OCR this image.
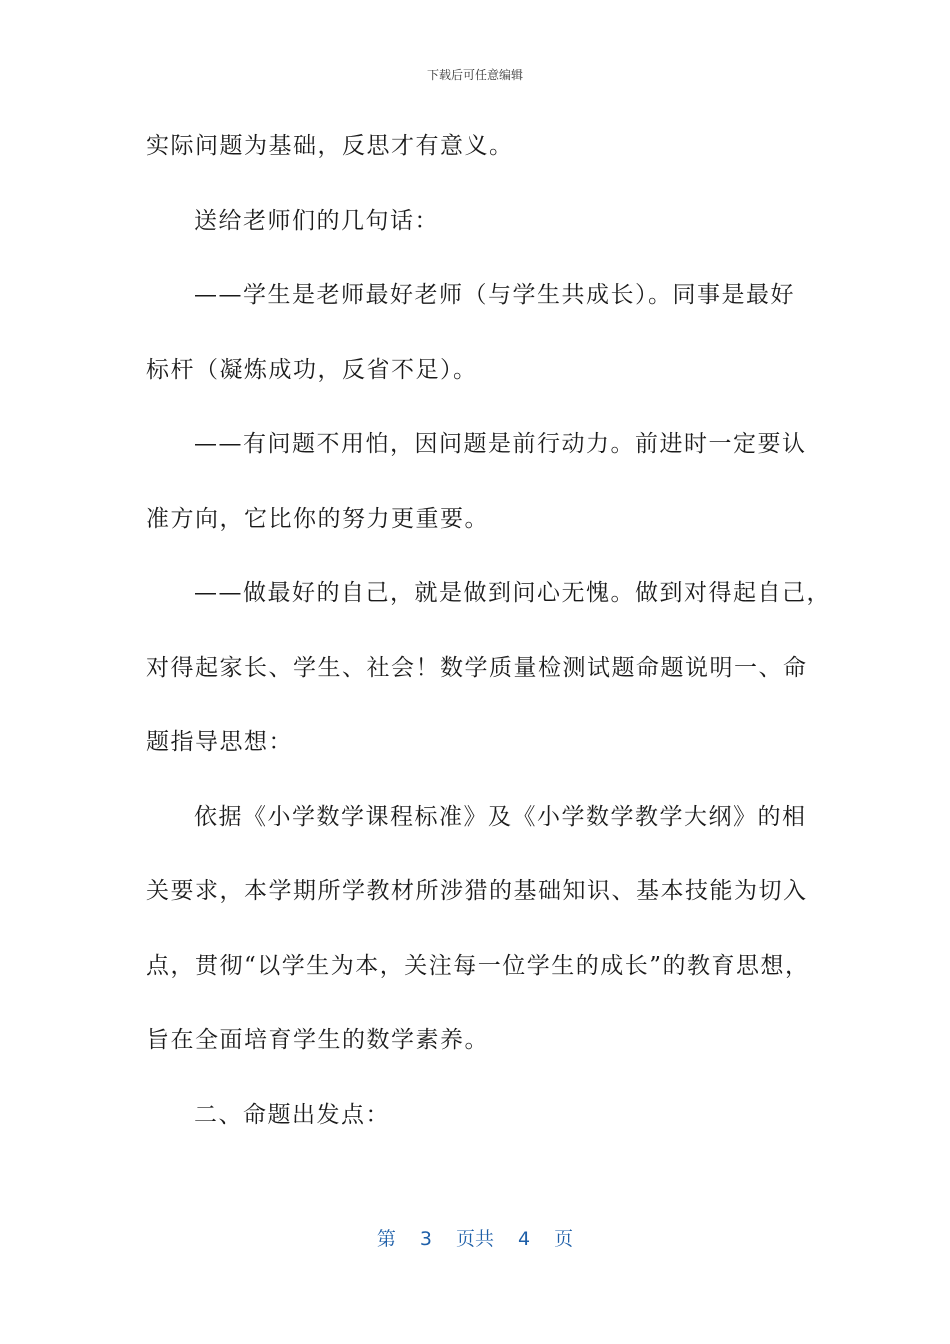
下载后可任意编辑
实际问题为基础，反思才有意义。
送给老师们的几句话：
——学生是老师最好老师（与学生共成长）。同事是最好
标杆（凝炼成功，反省不足）。
——有问题不用怕，因问题是前行动力。前进时一定要认
准方向，它比你的努力更重要。
——做最好的自己，就是做到问心无愧。做到对得起自己，
对得起家长、学生、社会！数学质量检测试题命题说明一、命
题指导思想：
依据《小学数学课程标准》及《小学数学教学大纲》的相
关要求，本学期所学教材所涉猎的基础知识、基本技能为切入
点，贯彻“以学生为本，关注每一位学生的成长”的教育思想，
旨在全面培育学生的数学素养。
二、命题出发点：
第 3 页共 4 页
